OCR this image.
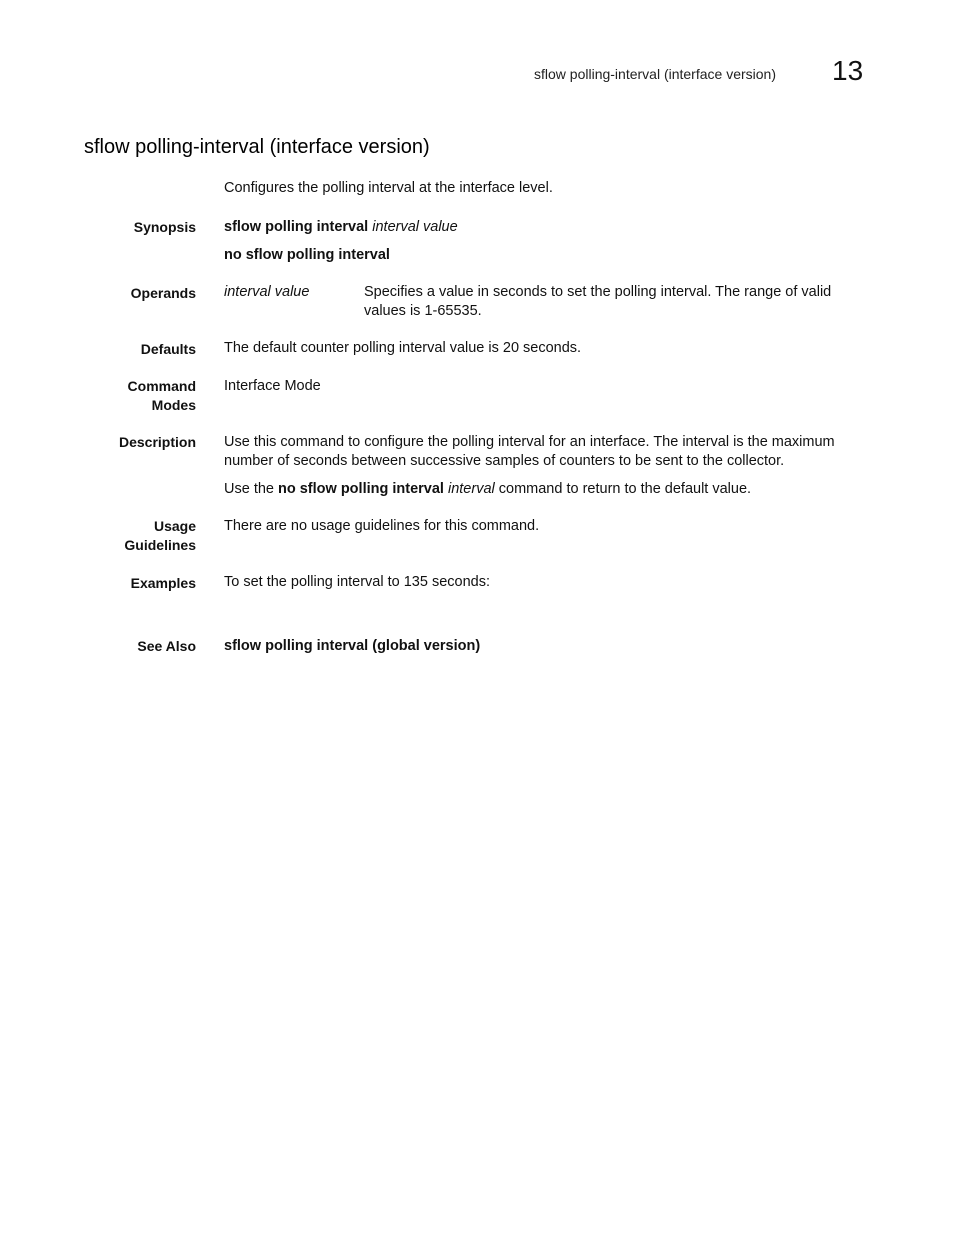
sflow polling-interval (interface version) 13
sflow polling-interval (interface version)
Configures the polling interval at the interface level.
Synopsis sflow polling interval interval value
no sflow polling interval
Operands interval value	Specifies a value in seconds to set the polling interval. The range of valid values is 1-65535.
Defaults The default counter polling interval value is 20 seconds.
Command
Modes
Interface Mode
Description Use this command to configure the polling interval for an interface. The interval is the maximum number of seconds between successive samples of counters to be sent to the collector.
Use the no sflow polling interval interval command to return to the default value.
Usage
Guidelines
There are no usage guidelines for this command.
Examples To set the polling interval to 135 seconds:
See Also sflow polling interval (global version)
